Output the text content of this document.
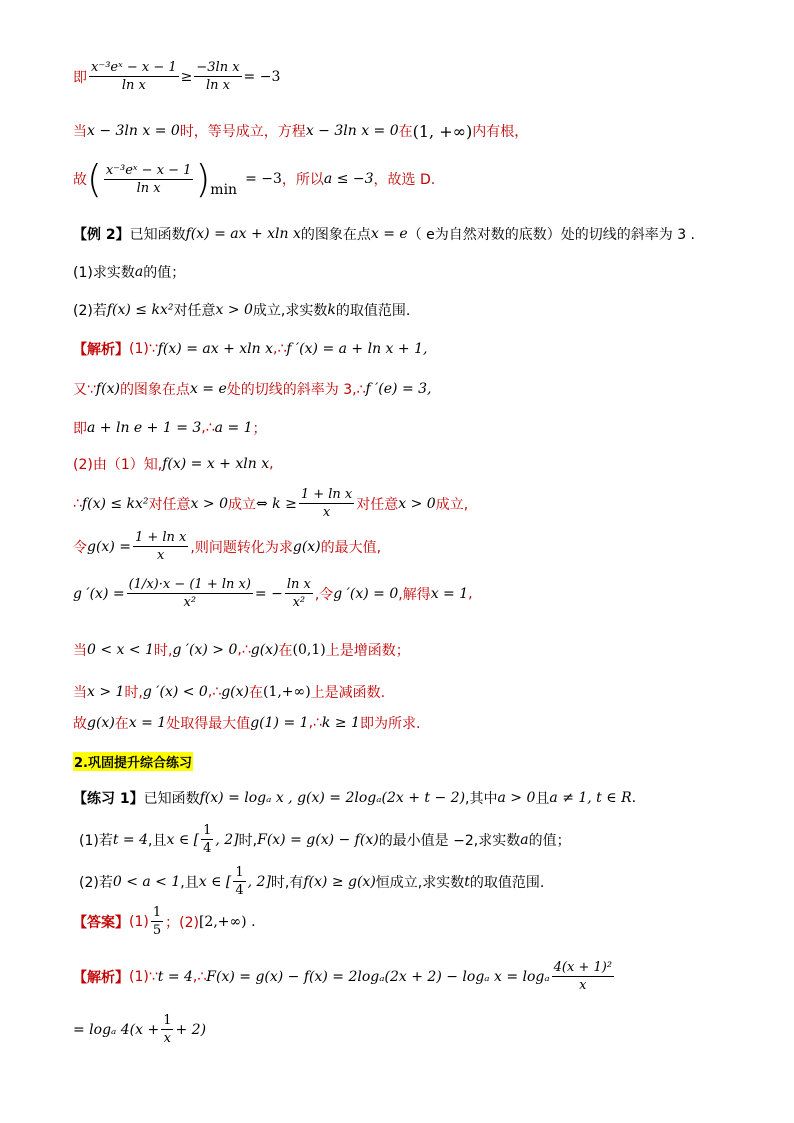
即 $\frac{\text{x⁻³eˣ − x − 1}}{\text{ln x}} \ge \frac{\text{−3ln x}}{\text{ln x}} = -3$
当 x − 3ln x = 0 时，等号成立，方程 x − 3ln x = 0 在 (1, +∞) 内有根，
故 ( $\frac{\text{x⁻³eˣ − x − 1}}{\text{ln x}}$ ) min
= −3 ，所以 a ≤ −3 ，故选 D.
【例 2】 已知函数 f(x) = ax + xln x 的图象在点 x = e （ e为自然对数的底数）处的切线的斜率为 3 .
(1)求实数 a 的值；
(2)若 f(x) ≤ kx² 对任意 x > 0 成立,求实数 k 的取值范围.
【解析】 (1)∵ f(x) = ax + xln x ,∴ f ′(x) = a + ln x + 1,
又∵ f(x) 的图象在点 x = e 处的切线的斜率为 3,∴ f ′(e) = 3,
即 a + ln e + 1 = 3 ,∴ a = 1 ；
(2)由（1）知, f(x) = x + xln x ,
∴ f(x) ≤ kx² 对任意 x > 0 成立 ⇔ $k \ge \frac{\text{1 + ln x}}{x}$ 对任意 x > 0 成立,
令 $g(x) = \frac{\text{1 + ln x}}{x}$ ,则问题转化为求 g(x) 的最大值,
g $'(x) = \frac{\text{(1/x)·x − (1 + ln x)}}{\text{x²}}$ = − $\frac{\text{ln x}}{\text{x²}}$ ,令 g ′(x) = 0 ,解得 x = 1 ,
当 0 < x < 1 时, g ′(x) > 0 ,∴ g(x) 在 (0,1) 上是增函数；
当 x > 1 时, g ′(x) < 0 ,∴ g(x) 在 (1,+∞) 上是减函数.
故 g(x) 在 x = 1 处取得最大值 g(1) = 1 ,∴ k ≥ 1 即为所求.
2.巩固提升综合练习
【练习 1】 已知函数 f(x) = logₐ x , g(x) = 2logₐ(2x + t − 2) ,其中 a > 0 且 a ≠ 1, t ∈ R .
(1)若 t = 4 ,且 x ∈ [ $\frac{1}{4}$ , 2] 时, F(x) = g(x) − f(x) 的最小值是 −2,求实数 a 的值；
(2)若 0 < a < 1 ,且 x ∈ [ $\frac{1}{4}$ , 2] 时,有 f(x) ≥ g(x) 恒成立,求实数 t 的取值范围.
【答案】 $(1) \frac{1}{5}$ ；(2) [2,+∞) .
【解析】 (1)∵ t = 4 ,∴ F(x) = g(x) − f(x) = 2logₐ(2x + 2) − logₐ x = logₐ $\frac{\text{4(x + 1)²}}{x}$
= logₐ $4(x + \frac{1}{x} + 2)$
